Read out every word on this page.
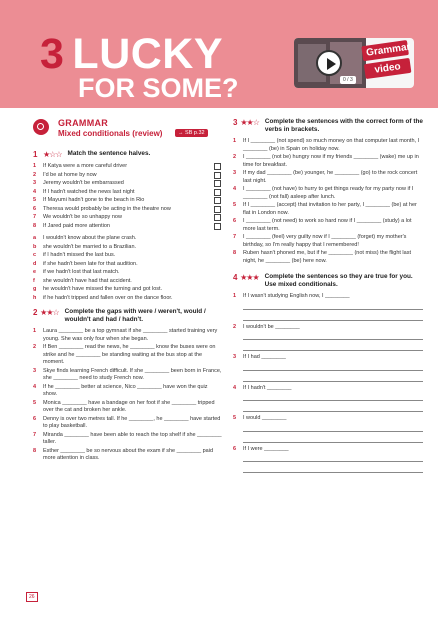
3 LUCKY
FOR SOME?	0 / 3
Grammar
video
GRAMMAR
Mixed conditionals (review)	→ SB p.32
1 ★☆☆ Match the sentence halves.
1 If Katya were a more careful driver
2 I'd be at home by now
3 Jeremy wouldn't be embarrassed
4 If I hadn't watched the news last night
5 If Mayumi hadn't gone to the beach in Rio
6 Theresa would probably be acting in the theatre now
7 We wouldn't be so unhappy now
8 If Jared paid more attention
a I wouldn't know about the plane crash.
b she wouldn't be married to a Brazilian.
c if I hadn't missed the last bus.
d if she hadn't been late for that audition.
e if we hadn't lost that last match.
f she wouldn't have had that accident.
g he wouldn't have missed the turning and got lost.
h if he hadn't tripped and fallen over on the dance floor.
2 ★★☆ Complete the gaps with were / weren't, would / wouldn't and had / hadn't.
1 Laura ________ be a top gymnast if she ________ started training very young. She was only four when she began.
2 If Ben ________ read the news, he ________ know the buses were on strike and he ________ be standing waiting at the bus stop at the moment.
3 Skye finds learning French difficult. If she ________ been born in France, she ________ need to study French now.
4 If he ________ better at science, Nico ________ have won the quiz show.
5 Monica ________ have a bandage on her foot if she ________ tripped over the cat and broken her ankle.
6 Denny is over two metres tall. If he ________, he ________ have started to play basketball.
7 Miranda ________ have been able to reach the top shelf if she ________ taller.
8 Esther ________ be so nervous about the exam if she ________ paid more attention in class.
3 ★★☆ Complete the sentences with the correct form of the verbs in brackets.
1 If I ________ (not spend) so much money on that computer last month, I ________ (be) in Spain on holiday now.
2 I ________ (not be) hungry now if my friends ________ (wake) me up in time for breakfast.
3 If my dad ________ (be) younger, he ________ (go) to the rock concert last night.
4 I ________ (not have) to hurry to get things ready for my party now if I ________ (not fall) asleep after lunch.
5 If I ________ (accept) that invitation to her party, I ________ (be) at her flat in London now.
6 I ________ (not need) to work so hard now if I ________ (study) a lot more last term.
7 I ________ (feel) very guilty now if I ________ (forget) my mother's birthday, so I'm really happy that I remembered!
8 Ruben hasn't phoned me, but if he ________ (not miss) the flight last night, he ________ (be) here now.
4 ★★★ Complete the sentences so they are true for you. Use mixed conditionals.
1 If I wasn't studying English now, I ________
2 I wouldn't be ________
3 If I had ________
4 If I hadn't ________
5 I would ________
6 If I were ________
26
